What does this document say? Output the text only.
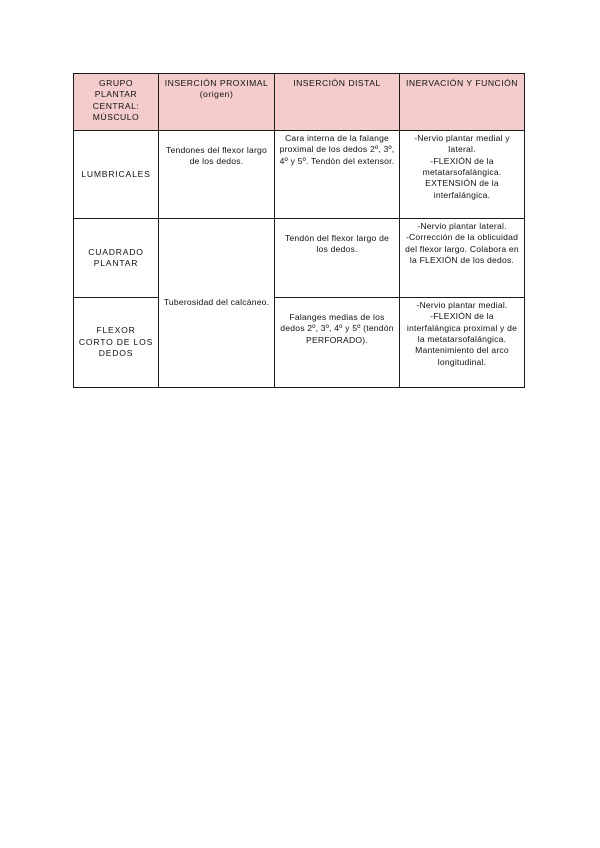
GRUPO PLANTAR CENTRAL: MÚSCULO	INSERCIÓN PROXIMAL (origen)	INSERCIÓN DISTAL	INERVACIÓN Y FUNCIÓN
LUMBRICALES	Tendones del flexor largo de los dedos.	Cara interna de la falange proximal de los dedos 2º, 3º, 4º y 5º. Tendón del extensor.	-Nervio plantar medial y lateral.
-FLEXIÓN de la metatarsofalángica.
EXTENSIÓN de la interfalángica.

CUADRADO PLANTAR	Tuberosidad del calcáneo.	Tendón del flexor largo de los dedos.	-Nervio plantar lateral.
-Corrección de la oblicuidad del flexor largo. Colabora en la FLEXIÓN de los dedos.

FLEXOR CORTO DE LOS DEDOS		Falanges medias de los dedos 2º, 3º, 4º y 5º (tendón PERFORADO).	-Nervio plantar medial.
-FLEXIÓN de la interfalángica proximal y de la metatarsofalángica.
Mantenimiento del arco longitudinal.
